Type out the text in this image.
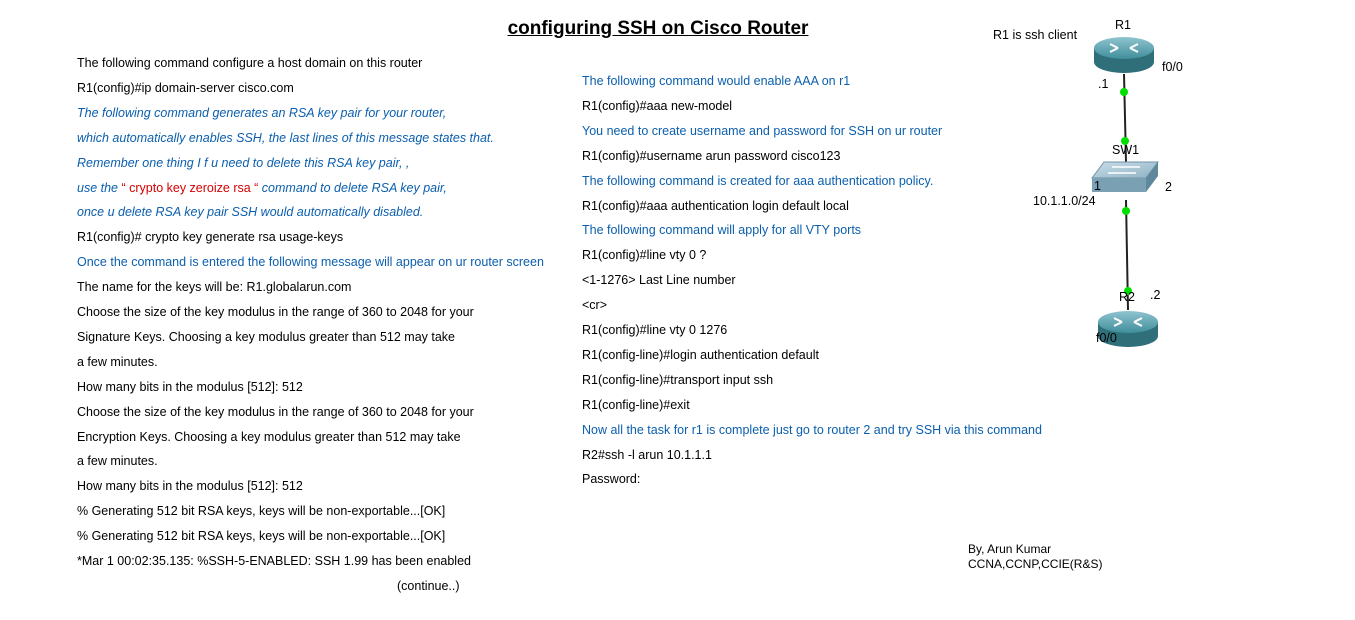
configuring SSH on Cisco Router
The following command configure a host domain on this router
R1(config)#ip domain-server cisco.com
The following command generates an RSA key pair for your router,
which automatically enables SSH, the last lines of this message states that.
Remember one thing I f u need to delete this RSA key pair, ,
use the “ crypto key zeroize rsa “ command to delete RSA key pair,
once u delete RSA key pair SSH would automatically disabled.
R1(config)# crypto key generate rsa usage-keys
Once the command is entered the following message will appear on ur router screen
The name for the keys will be: R1.globalarun.com
Choose the size of the key modulus in the range of 360 to 2048 for your
Signature Keys. Choosing a key modulus greater than 512 may take
a few minutes.
How many bits in the modulus [512]: 512
Choose the size of the key modulus in the range of 360 to 2048 for your
Encryption Keys. Choosing a key modulus greater than 512 may take
a few minutes.
How many bits in the modulus [512]: 512
% Generating 512 bit RSA keys, keys will be non-exportable...[OK]
% Generating 512 bit RSA keys, keys will be non-exportable...[OK]
*Mar 1 00:02:35.135: %SSH-5-ENABLED: SSH 1.99 has been enabled
(continue..)
The following command would enable AAA on r1
R1(config)#aaa new-model
You need to create username and password for SSH on ur router
R1(config)#username arun password cisco123
The following command is created for aaa authentication policy.
R1(config)#aaa authentication login default local
The following command will apply for all VTY ports
R1(config)#line vty 0 ?
<1-1276> Last Line number
<cr>
R1(config)#line vty 0 1276
R1(config-line)#login authentication default
R1(config-line)#transport input ssh
R1(config-line)#exit
Now all the task for r1 is complete just go to router 2 and try SSH via this command
R2#ssh -l arun 10.1.1.1
Password:
R1 is ssh client
R1
f0/0
.1
SW1
1	2
10.1.1.0/24
R2 .2
f0/0
By, Arun Kumar
CCNA,CCNP,CCIE(R&S)
